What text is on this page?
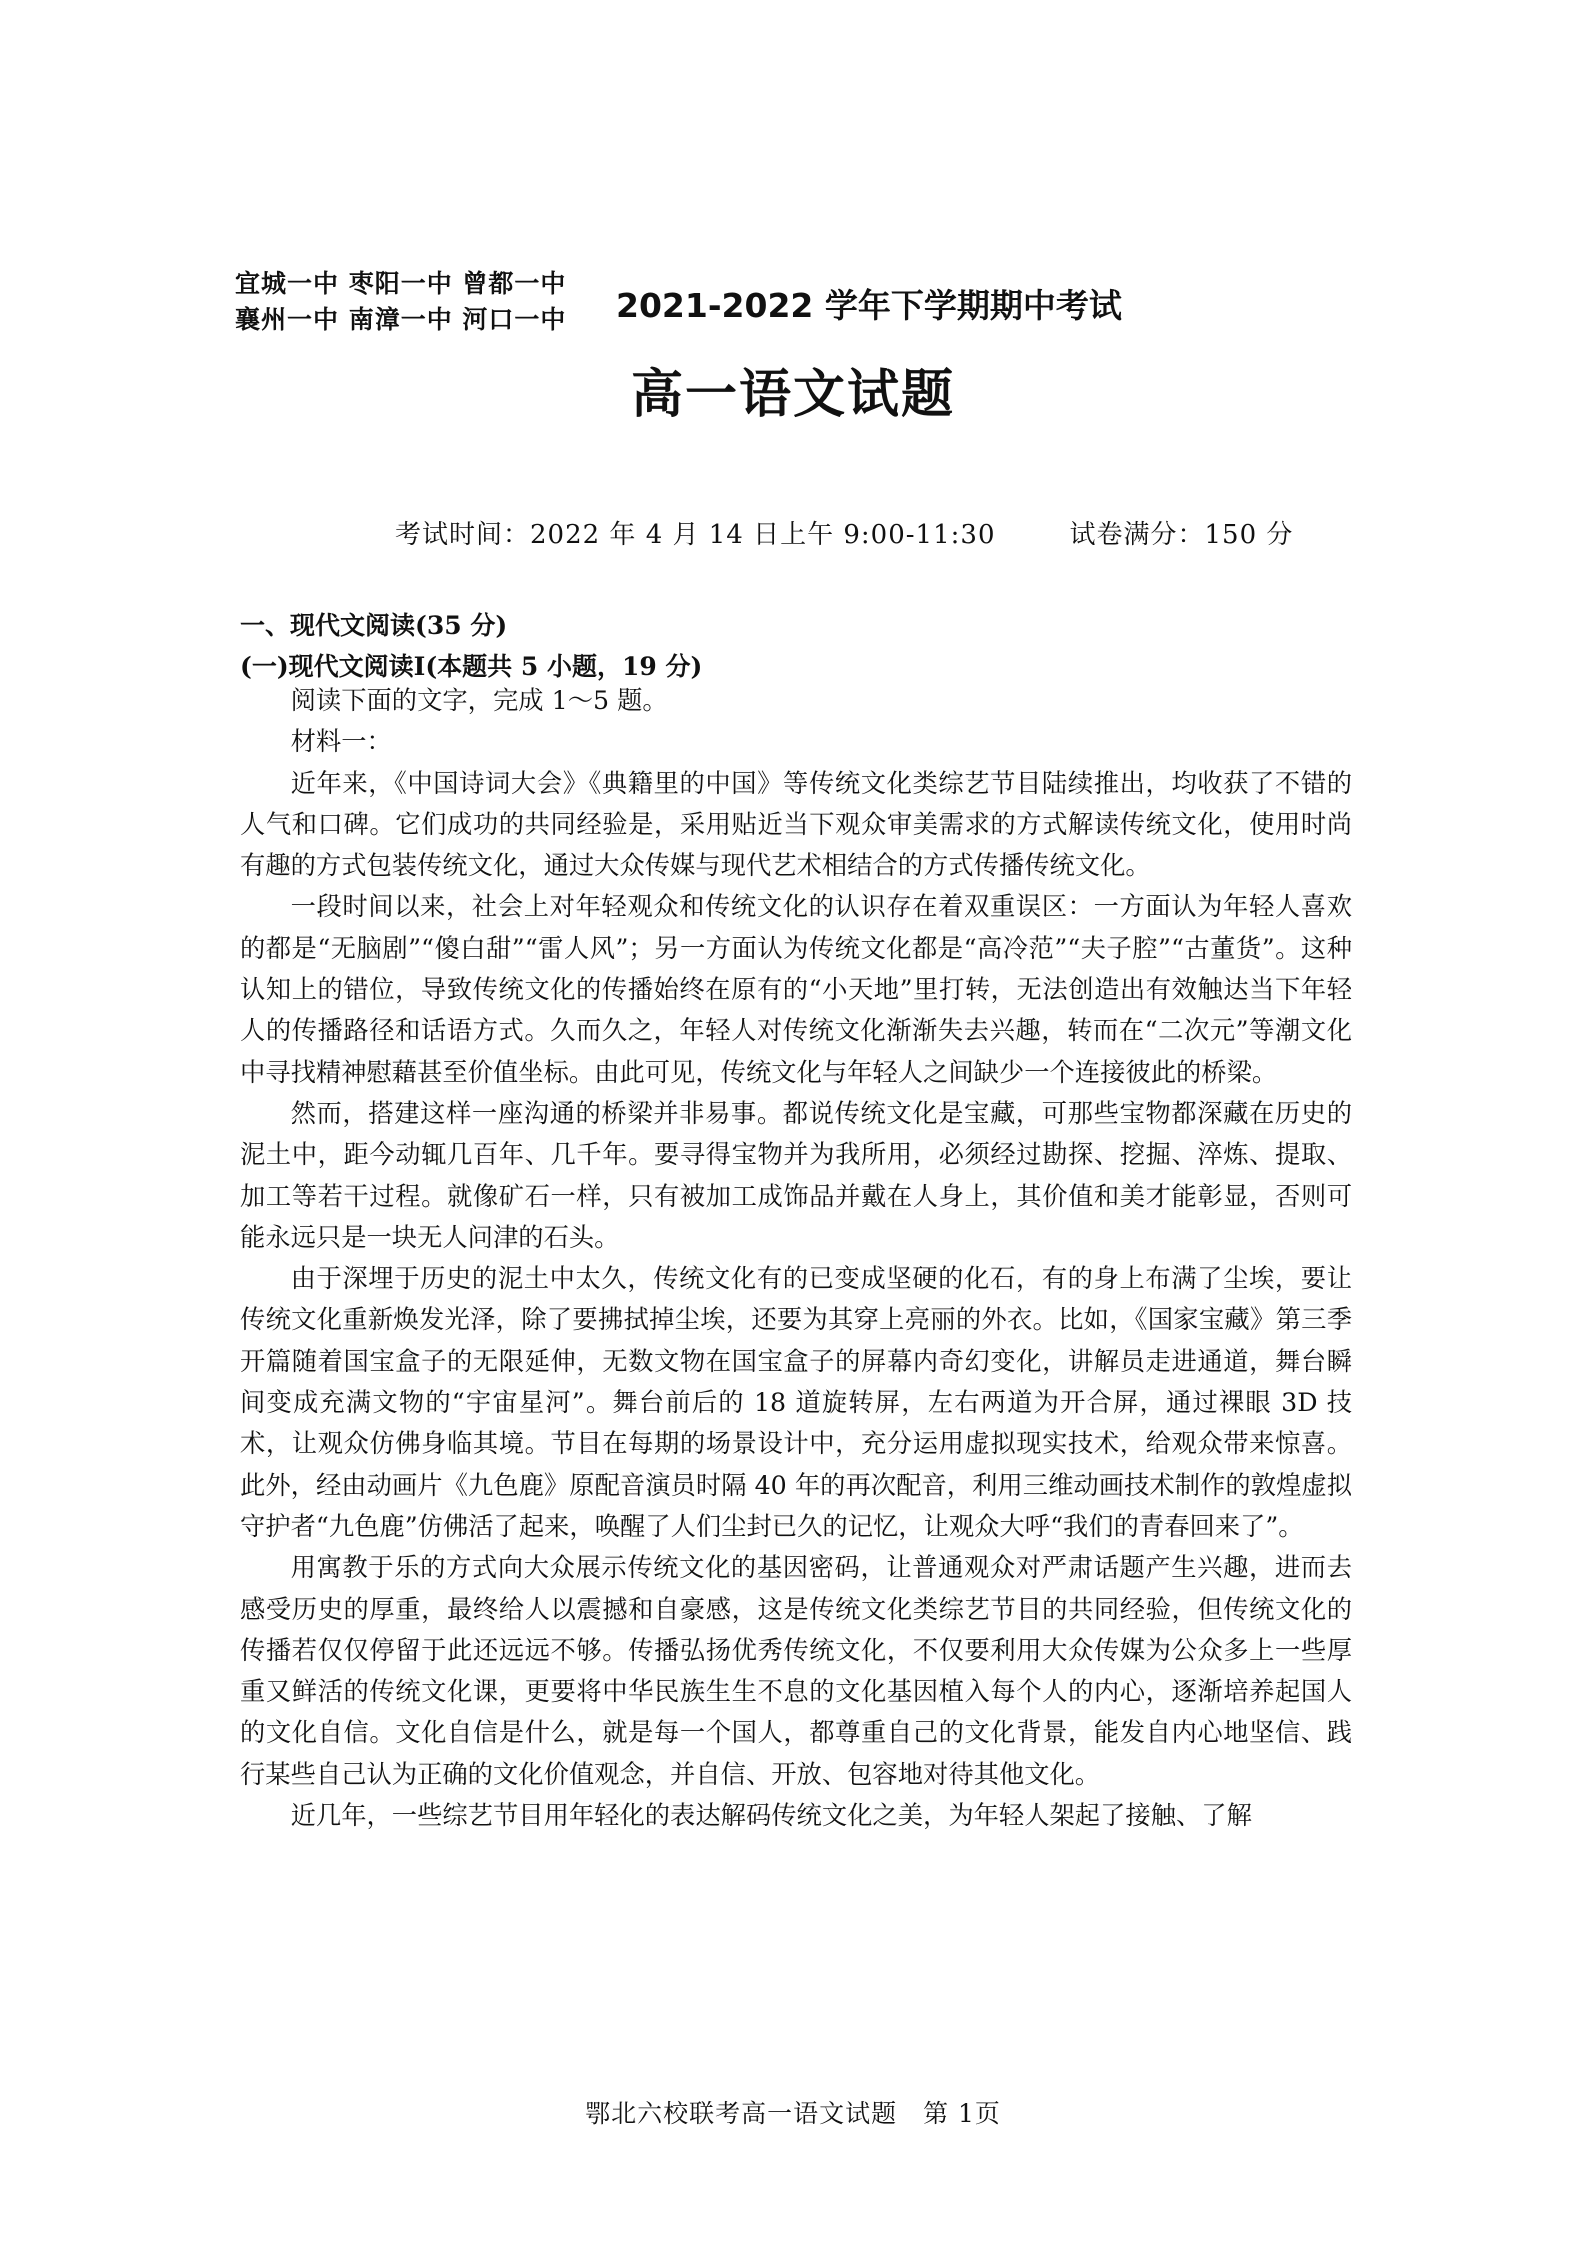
宜城一中 枣阳一中 曾都一中
襄州一中 南漳一中 河口一中 2021-2022 学年下学期期中考试
高一语文试题
考试时间：2022 年 4 月 14 日上午 9:00-11:30	试卷满分：150 分
一、现代文阅读(35 分)
(一)现代文阅读Ⅰ(本题共 5 小题，19 分)

阅读下面的文字，完成 1～5 题。

材料一：

近年来，《中国诗词大会》《典籍里的中国》等传统文化类综艺节目陆续推出，均收获了不错的人气和口碑。它们成功的共同经验是，采用贴近当下观众审美需求的方式解读传统文化，使用时尚有趣的方式包装传统文化，通过大众传媒与现代艺术相结合的方式传播传统文化。

一段时间以来，社会上对年轻观众和传统文化的认识存在着双重误区：一方面认为年轻人喜欢的都是“无脑剧”“傻白甜”“雷人风”；另一方面认为传统文化都是“高冷范”“夫子腔”“古董货”。这种认知上的错位，导致传统文化的传播始终在原有的“小天地”里打转，无法创造出有效触达当下年轻人的传播路径和话语方式。久而久之，年轻人对传统文化渐渐失去兴趣，转而在“二次元”等潮文化中寻找精神慰藉甚至价值坐标。由此可见，传统文化与年轻人之间缺少一个连接彼此的桥梁。

然而，搭建这样一座沟通的桥梁并非易事。都说传统文化是宝藏，可那些宝物都深藏在历史的泥土中，距今动辄几百年、几千年。要寻得宝物并为我所用，必须经过勘探、挖掘、淬炼、提取、加工等若干过程。就像矿石一样，只有被加工成饰品并戴在人身上，其价值和美才能彰显，否则可能永远只是一块无人问津的石头。

由于深埋于历史的泥土中太久，传统文化有的已变成坚硬的化石，有的身上布满了尘埃，要让传统文化重新焕发光泽，除了要拂拭掉尘埃，还要为其穿上亮丽的外衣。比如，《国家宝藏》第三季开篇随着国宝盒子的无限延伸，无数文物在国宝盒子的屏幕内奇幻变化，讲解员走进通道，舞台瞬间变成充满文物的“宇宙星河”。舞台前后的 18 道旋转屏，左右两道为开合屏，通过裸眼 3D 技术，让观众仿佛身临其境。节目在每期的场景设计中，充分运用虚拟现实技术，给观众带来惊喜。此外，经由动画片《九色鹿》原配音演员时隔 40 年的再次配音，利用三维动画技术制作的敦煌虚拟守护者“九色鹿”仿佛活了起来，唤醒了人们尘封已久的记忆，让观众大呼“我们的青春回来了”。

用寓教于乐的方式向大众展示传统文化的基因密码，让普通观众对严肃话题产生兴趣，进而去感受历史的厚重，最终给人以震撼和自豪感，这是传统文化类综艺节目的共同经验，但传统文化的传播若仅仅停留于此还远远不够。传播弘扬优秀传统文化，不仅要利用大众传媒为公众多上一些厚重又鲜活的传统文化课，更要将中华民族生生不息的文化基因植入每个人的内心，逐渐培养起国人的文化自信。文化自信是什么，就是每一个国人，都尊重自己的文化背景，能发自内心地坚信、践行某些自己认为正确的文化价值观念，并自信、开放、包容地对待其他文化。

近几年，一些综艺节目用年轻化的表达解码传统文化之美，为年轻人架起了接触、了解

鄂北六校联考高一语文试题　第 1页
